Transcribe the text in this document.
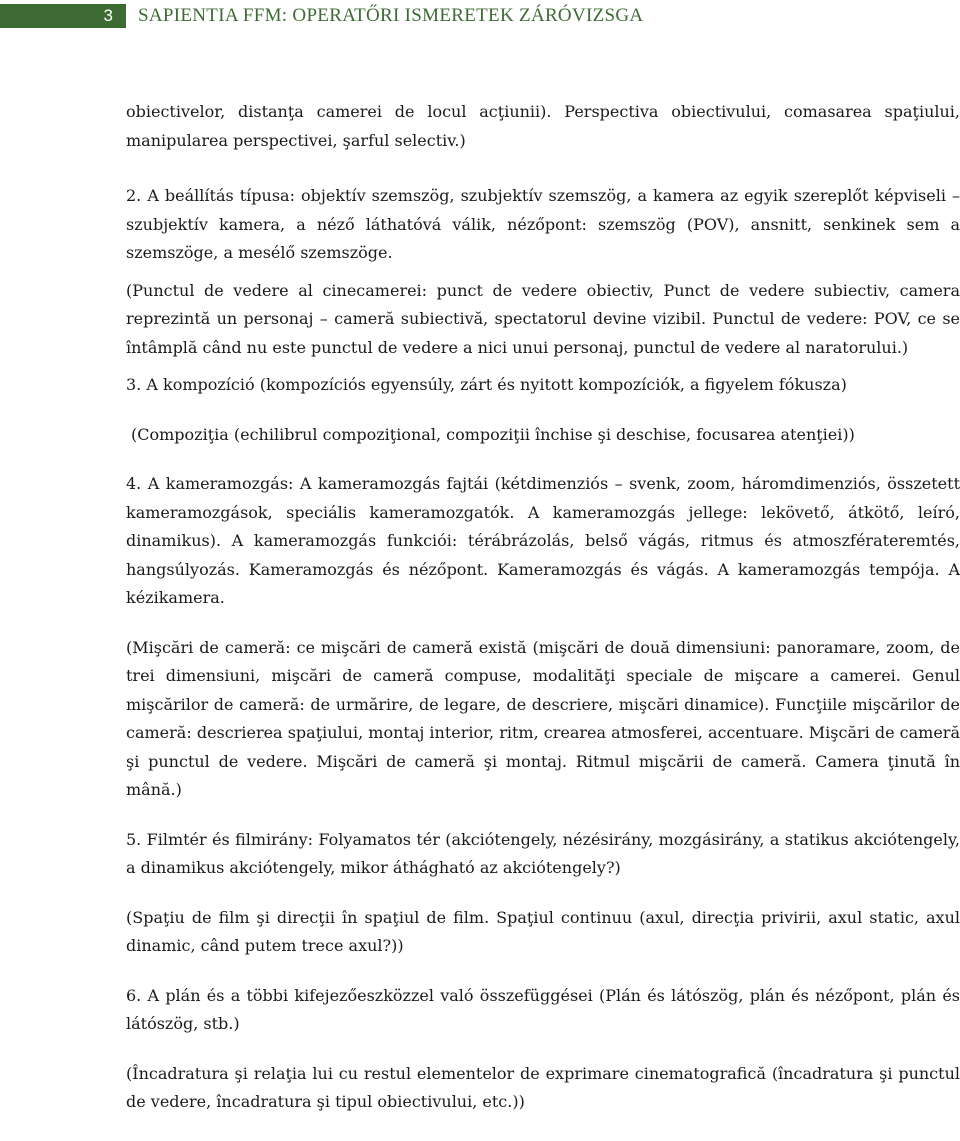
3	SAPIENTIA FFM: OPERATŐRI ISMERETEK ZÁRÓVIZSGA

obiectivelor, distanţa camerei de locul acţiunii). Perspectiva obiectivului, comasarea spaţiului, manipularea perspectivei, şarful selectiv.)

2. A beállítás típusa: objektív szemszög, szubjektív szemszög, a kamera az egyik szereplőt képviseli – szubjektív kamera, a néző láthatóvá válik, nézőpont: szemszög (POV), ansnitt, senkinek sem a szemszöge, a mesélő szemszöge.

(Punctul de vedere al cinecamerei: punct de vedere obiectiv, Punct de vedere subiectiv, camera reprezintă un personaj – cameră subiectivă, spectatorul devine vizibil. Punctul de vedere: POV, ce se întâmplă când nu este punctul de vedere a nici unui personaj, punctul de vedere al naratorului.)

3. A kompozíció (kompozíciós egyensúly, zárt és nyitott kompozíciók, a figyelem fókusza)

(Compoziţia (echilibrul compoziţional, compoziţii închise şi deschise, focusarea atenţiei))

4. A kameramozgás: A kameramozgás fajtái (kétdimenziós – svenk, zoom, háromdimenziós, összetett kameramozgások, speciális kameramozgatók. A kameramozgás jellege: lekövető, átkötő, leíró, dinamikus). A kameramozgás funkciói: térábrázolás, belső vágás, ritmus és atmoszférateremtés, hangsúlyozás. Kameramozgás és nézőpont. Kameramozgás és vágás. A kameramozgás tempója. A kézikamera.

(Mişcări de cameră: ce mişcări de cameră există (mişcări de două dimensiuni: panoramare, zoom, de trei dimensiuni, mişcări de cameră compuse, modalităţi speciale de mişcare a camerei. Genul mişcărilor de cameră: de urmărire, de legare, de descriere, mişcări dinamice). Funcţiile mişcărilor de cameră: descrierea spaţiului, montaj interior, ritm, crearea atmosferei, accentuare. Mişcări de cameră şi punctul de vedere. Mişcări de cameră şi montaj. Ritmul mişcării de cameră. Camera ţinută în mână.)

5. Filmtér és filmirány: Folyamatos tér (akciótengely, nézésirány, mozgásirány, a statikus akciótengely, a dinamikus akciótengely, mikor áthágható az akciótengely?)

(Spaţiu de film şi direcţii în spaţiul de film. Spaţiul continuu (axul, direcţia privirii, axul static, axul dinamic, când putem trece axul?))

6. A plán és a többi kifejezőeszközzel való összefüggései (Plán és látószög, plán és nézőpont, plán és látószög, stb.)

(Încadratura şi relaţia lui cu restul elementelor de exprimare cinematografică (încadratura şi punctul de vedere, încadratura şi tipul obiectivului, etc.))
